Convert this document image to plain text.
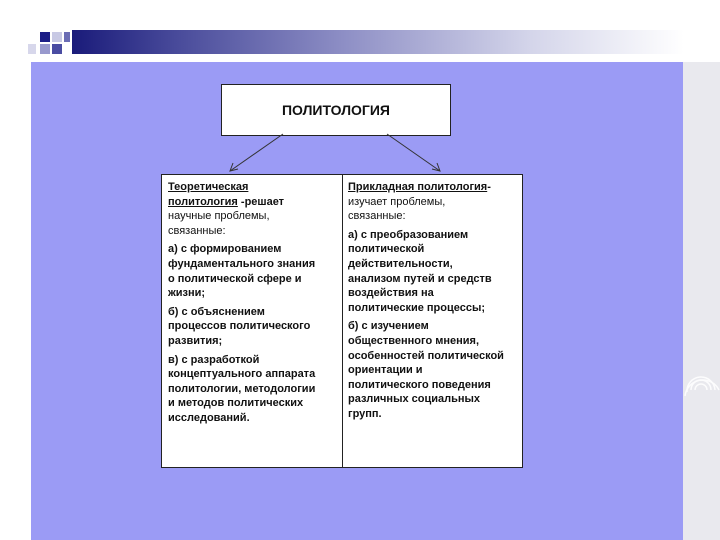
ПОЛИТОЛОГИЯ
Теоретическая
политология -решает
научные проблемы,
связанные:
а) с формированием
фундаментального знания
о политической сфере и
жизни;
б) с объяснением
процессов политического
развития;
в) с разработкой
концептуального аппарата
политологии, методологии
и методов политических
исследований.
Прикладная политология-
изучает проблемы,
связанные:
а) с преобразованием
политической
действительности,
анализом путей и средств
воздействия на
политические процессы;
б) с изучением
общественного мнения,
особенностей политической
ориентации и
политического поведения
различных социальных
групп.
